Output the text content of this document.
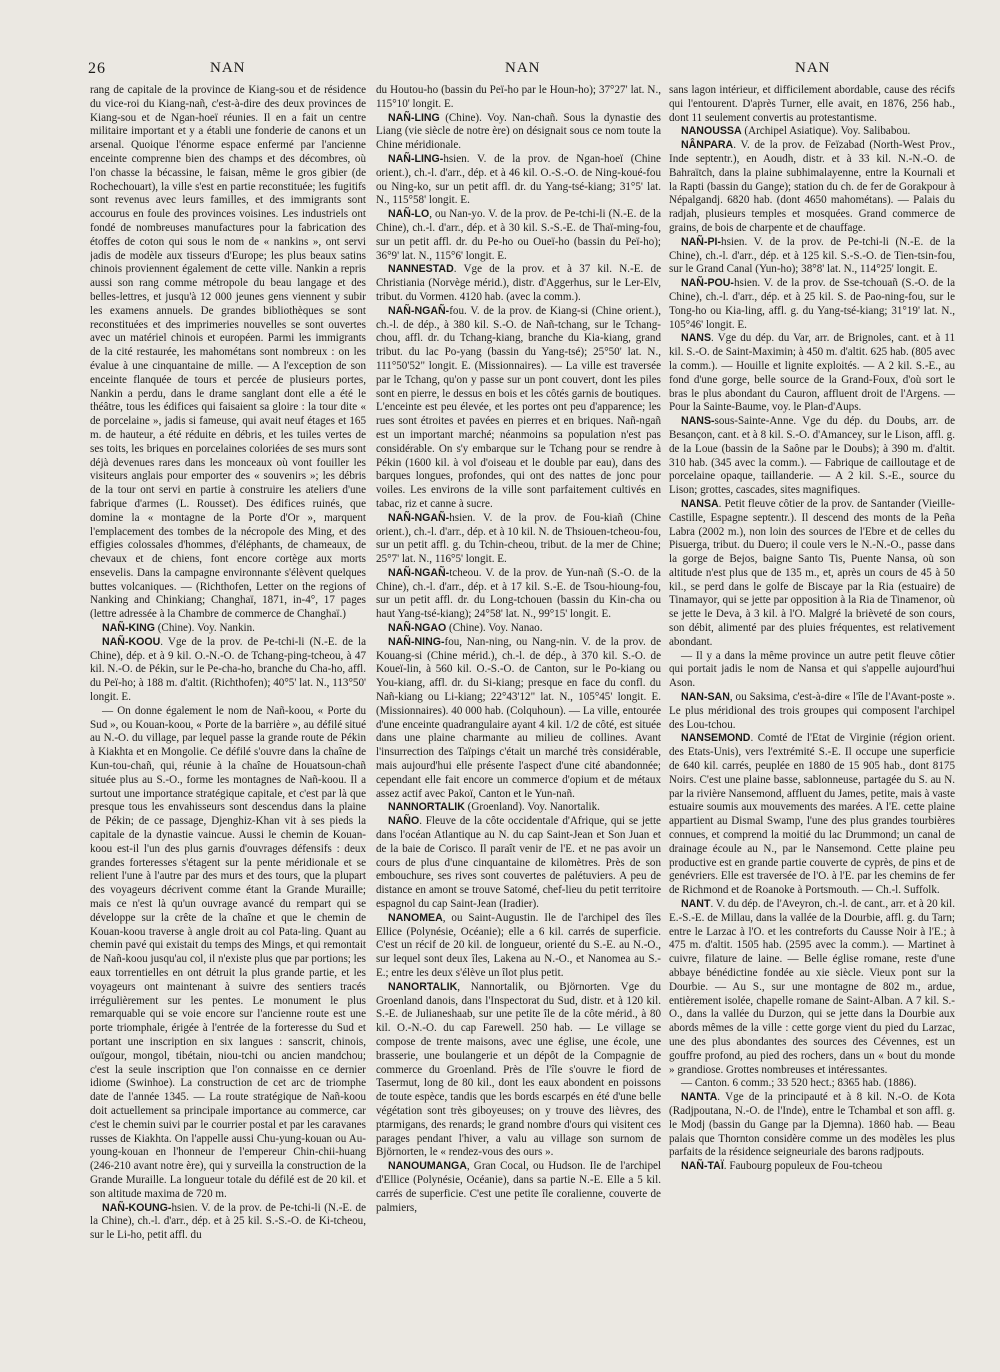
26	NAN	NAN	NAN

rang de capitale de la province de Kiang-sou et de résidence du vice-roi du Kiang-nañ, c'est-à-dire des deux provinces de Kiang-sou et de Ngan-hoeï réunies. Il en a fait un centre militaire important et y a établi une fonderie de canons et un arsenal. Quoique l'énorme espace enfermé par l'ancienne enceinte comprenne bien des champs et des décombres, où l'on chasse la bécassine, le faisan, même le gros gibier (de Rochechouart), la ville s'est en partie reconstituée; les fugitifs sont revenus avec leurs familles, et des immigrants sont accourus en foule des provinces voisines. Les industriels ont fondé de nombreuses manufactures pour la fabrication des étoffes de coton qui sous le nom de « nankins », ont servi jadis de modèle aux tisseurs d'Europe; les plus beaux satins chinois proviennent également de cette ville. Nankin a repris aussi son rang comme métropole du beau langage et des belles-lettres, et jusqu'à 12 000 jeunes gens viennent y subir les examens annuels. De grandes bibliothèques se sont reconstituées et des imprimeries nouvelles se sont ouvertes avec un matériel chinois et européen. Parmi les immigrants de la cité restaurée, les mahométans sont nombreux : on les évalue à une cinquantaine de mille. — A l'exception de son enceinte flanquée de tours et percée de plusieurs portes, Nankin a perdu, dans le drame sanglant dont elle a été le théâtre, tous les édifices qui faisaient sa gloire : la tour dite « de porcelaine », jadis si fameuse, qui avait neuf étages et 165 m. de hauteur, a été réduite en débris, et les tuiles vertes de ses toits, les briques en porcelaines coloriées de ses murs sont déjà devenues rares dans les monceaux où vont fouiller les visiteurs anglais pour emporter des « souvenirs »; les débris de la tour ont servi en partie à construire les ateliers d'une fabrique d'armes (L. Rousset). Des édifices ruinés, que domine la « montagne de la Porte d'Or », marquent l'emplacement des tombes de la nécropole des Ming, et des effigies colossales d'hommes, d'éléphants, de chameaux, de chevaux et de chiens, font encore cortège aux morts ensevelis. Dans la campagne environnante s'élèvent quelques buttes volcaniques. — (Richthofen, Letter on the regions of Nanking and Chinkiang; Changhaï, 1871, in-4°, 17 pages (lettre adressée à la Chambre de commerce de Changhaï.)

NAÑ-KING (Chine). Voy. Nankin.

NAÑ-KOOU. Vge de la prov. de Pe-tchi-li (N.-E. de la Chine), dép. et à 9 kil. O.-N.-O. de Tchang-ping-tcheou, à 47 kil. N.-O. de Pékin, sur le Pe-cha-ho, branche du Cha-ho, affl. du Peï-ho; à 188 m. d'altit. (Richthofen); 40°5' lat. N., 113°50' longit. E.

— On donne également le nom de Nañ-koou, « Porte du Sud », ou Kouan-koou, « Porte de la barrière », au défilé situé au N.-O. du village, par lequel passe la grande route de Pékin à Kiakhta et en Mongolie. Ce défilé s'ouvre dans la chaîne de Kun-tou-chañ, qui, réunie à la chaîne de Houatsoun-chañ située plus au S.-O., forme les montagnes de Nañ-koou. Il a surtout une importance stratégique capitale, et c'est par là que presque tous les envahisseurs sont descendus dans la plaine de Pékin; de ce passage, Djenghiz-Khan vit à ses pieds la capitale de la dynastie vaincue. Aussi le chemin de Kouan-koou est-il l'un des plus garnis d'ouvrages défensifs : deux grandes forteresses s'étagent sur la pente méridionale et se relient l'une à l'autre par des murs et des tours, que la plupart des voyageurs décrivent comme étant la Grande Muraille; mais ce n'est là qu'un ouvrage avancé du rempart qui se développe sur la crête de la chaîne et que le chemin de Kouan-koou traverse à angle droit au col Pata-ling. Quant au chemin pavé qui existait du temps des Mings, et qui remontait de Nañ-koou jusqu'au col, il n'existe plus que par portions; les eaux torrentielles en ont détruit la plus grande partie, et les voyageurs ont maintenant à suivre des sentiers tracés irrégulièrement sur les pentes. Le monument le plus remarquable qui se voie encore sur l'ancienne route est une porte triomphale, érigée à l'entrée de la forteresse du Sud et portant une inscription en six langues : sanscrit, chinois, ouïgour, mongol, tibétain, niou-tchi ou ancien mandchou; c'est la seule inscription que l'on connaisse en ce dernier idiome (Swinhoe). La construction de cet arc de triomphe date de l'année 1345. — La route stratégique de Nañ-koou doit actuellement sa principale importance au commerce, car c'est le chemin suivi par le courrier postal et par les caravanes russes de Kiakhta. On l'appelle aussi Chu-yung-kouan ou Au-young-kouan en l'honneur de l'empereur Chin-chii-huang (246-210 avant notre ère), qui y surveilla la construction de la Grande Muraille. La longueur totale du défilé est de 20 kil. et son altitude maxima de 720 m.

NAÑ-KOUNG-hsien. V. de la prov. de Pe-tchi-li (N.-E. de la Chine), ch.-l. d'arr., dép. et à 25 kil. S.-S.-O. de Ki-tcheou, sur le Li-ho, petit affl. du

du Houtou-ho (bassin du Peï-ho par le Houn-ho); 37°27' lat. N., 115°10' longit. E.

NAÑ-LING (Chine). Voy. Nan-chañ. Sous la dynastie des Liang (vie siècle de notre ère) on désignait sous ce nom toute la Chine méridionale.

NAÑ-LING-hsien. V. de la prov. de Ngan-hoeï (Chine orient.), ch.-l. d'arr., dép. et à 46 kil. O.-S.-O. de Ning-koué-fou ou Ning-ko, sur un petit affl. dr. du Yang-tsé-kiang; 31°5' lat. N., 115°58' longit. E.

NAÑ-LO, ou Nan-yo. V. de la prov. de Pe-tchi-li (N.-E. de la Chine), ch.-l. d'arr., dép. et à 30 kil. S.-S.-E. de Thaï-ming-fou, sur un petit affl. dr. du Pe-ho ou Oueï-ho (bassin du Peï-ho); 36°9' lat. N., 115°6' longit. E.

NANNESTAD. Vge de la prov. et à 37 kil. N.-E. de Christiania (Norvège mérid.), distr. d'Aggerhus, sur le Ler-Elv, tribut. du Vormen. 4120 hab. (avec la comm.).

NAÑ-NGAÑ-fou. V. de la prov. de Kiang-si (Chine orient.), ch.-l. de dép., à 380 kil. S.-O. de Nañ-tchang, sur le Tchang-chou, affl. dr. du Tchang-kiang, branche du Kia-kiang, grand tribut. du lac Po-yang (bassin du Yang-tsé); 25°50' lat. N., 111°50'52" longit. E. (Missionnaires). — La ville est traversée par le Tchang, qu'on y passe sur un pont couvert, dont les piles sont en pierre, le dessus en bois et les côtés garnis de boutiques. L'enceinte est peu élevée, et les portes ont peu d'apparence; les rues sont étroites et pavées en pierres et en briques. Nañ-ngañ est un important marché; néanmoins sa population n'est pas considérable. On s'y embarque sur le Tchang pour se rendre à Pékin (1600 kil. à vol d'oiseau et le double par eau), dans des barques longues, profondes, qui ont des nattes de jonc pour voiles. Les environs de la ville sont parfaitement cultivés en tabac, riz et canne à sucre.

NAÑ-NGAÑ-hsien. V. de la prov. de Fou-kiañ (Chine orient.), ch.-l. d'arr., dép. et à 10 kil. N. de Thsiouen-tcheou-fou, sur un petit affl. g. du Tchin-cheou, tribut. de la mer de Chine; 25°7' lat. N., 116°5' longit. E.

NAÑ-NGAÑ-tcheou. V. de la prov. de Yun-nañ (S.-O. de la Chine), ch.-l. d'arr., dép. et à 17 kil. S.-E. de Tsou-hioung-fou, sur un petit affl. dr. du Long-tchouen (bassin du Kin-cha ou haut Yang-tsé-kiang); 24°58' lat. N., 99°15' longit. E.

NAÑ-NGAO (Chine). Voy. Nanao.

NAÑ-NING-fou, Nan-ning, ou Nang-nin. V. de la prov. de Kouang-si (Chine mérid.), ch.-l. de dép., à 370 kil. S.-O. de Koueï-lin, à 560 kil. O.-S.-O. de Canton, sur le Po-kiang ou You-kiang, affl. dr. du Si-kiang; presque en face du confl. du Nañ-kiang ou Li-kiang; 22°43'12" lat. N., 105°45' longit. E. (Missionnaires). 40 000 hab. (Colquhoun). — La ville, entourée d'une enceinte quadrangulaire ayant 4 kil. 1/2 de côté, est située dans une plaine charmante au milieu de collines. Avant l'insurrection des Taïpings c'était un marché très considérable, mais aujourd'hui elle présente l'aspect d'une cité abandonnée; cependant elle fait encore un commerce d'opium et de métaux assez actif avec Pakoï, Canton et le Yun-nañ.

NANNORTALIK (Groenland). Voy. Nanortalik.

NAÑO. Fleuve de la côte occidentale d'Afrique, qui se jette dans l'océan Atlantique au N. du cap Saint-Jean et Son Juan et de la baie de Corisco. Il paraît venir de l'E. et ne pas avoir un cours de plus d'une cinquantaine de kilomètres. Près de son embouchure, ses rives sont couvertes de palétuviers. A peu de distance en amont se trouve Satomé, chef-lieu du petit territoire espagnol du cap Saint-Jean (Iradier).

NANOMEA, ou Saint-Augustin. Ile de l'archipel des îles Ellice (Polynésie, Océanie); elle a 6 kil. carrés de superficie. C'est un récif de 20 kil. de longueur, orienté du S.-E. au N.-O., sur lequel sont deux îles, Lakena au N.-O., et Nanomea au S.-E.; entre les deux s'élève un îlot plus petit.

NANORTALIK, Nannortalik, ou Björnorten. Vge du Groenland danois, dans l'Inspectorat du Sud, distr. et à 120 kil. S.-E. de Julianeshaab, sur une petite île de la côte mérid., à 80 kil. O.-N.-O. du cap Farewell. 250 hab. — Le village se compose de trente maisons, avec une église, une école, une brasserie, une boulangerie et un dépôt de la Compagnie de commerce du Groenland. Près de l'île s'ouvre le fiord de Tasermut, long de 80 kil., dont les eaux abondent en poissons de toute espèce, tandis que les bords escarpés en été d'une belle végétation sont très giboyeuses; on y trouve des lièvres, des ptarmigans, des renards; le grand nombre d'ours qui visitent ces parages pendant l'hiver, a valu au village son surnom de Björnorten, le « rendez-vous des ours ».

NANOUMANGA, Gran Cocal, ou Hudson. Ile de l'archipel d'Ellice (Polynésie, Océanie), dans sa partie N.-E. Elle a 5 kil. carrés de superficie. C'est une petite île coralienne, couverte de palmiers,

sans lagon intérieur, et difficilement abordable, cause des récifs qui l'entourent. D'après Turner, elle avait, en 1876, 256 hab., dont 11 seulement convertis au protestantisme.

NANOUSSA (Archipel Asiatique). Voy. Salibabou.

NÂNPARA. V. de la prov. de Feïzabad (North-West Prov., Inde septentr.), en Aoudh, distr. et à 33 kil. N.-N.-O. de Bahraïtch, dans la plaine subhimalayenne, entre la Kournali et la Rapti (bassin du Gange); station du ch. de fer de Gorakpour à Népalgandj. 6820 hab. (dont 4650 mahométans). — Palais du radjah, plusieurs temples et mosquées. Grand commerce de grains, de bois de charpente et de chauffage.

NAÑ-PI-hsien. V. de la prov. de Pe-tchi-li (N.-E. de la Chine), ch.-l. d'arr., dép. et à 125 kil. S.-S.-O. de Tien-tsin-fou, sur le Grand Canal (Yun-ho); 38°8' lat. N., 114°25' longit. E.

NAÑ-POU-hsien. V. de la prov. de Sse-tchouañ (S.-O. de la Chine), ch.-l. d'arr., dép. et à 25 kil. S. de Pao-ning-fou, sur le Tong-ho ou Kia-ling, affl. g. du Yang-tsé-kiang; 31°19' lat. N., 105°46' longit. E.

NANS. Vge du dép. du Var, arr. de Brignoles, cant. et à 11 kil. S.-O. de Saint-Maximin; à 450 m. d'altit. 625 hab. (805 avec la comm.). — Houille et lignite exploités. — A 2 kil. S.-E., au fond d'une gorge, belle source de la Grand-Foux, d'où sort le bras le plus abondant du Cauron, affluent droit de l'Argens. — Pour la Sainte-Baume, voy. le Plan-d'Aups.

NANS-sous-Sainte-Anne. Vge du dép. du Doubs, arr. de Besançon, cant. et à 8 kil. S.-O. d'Amancey, sur le Lison, affl. g. de la Loue (bassin de la Saône par le Doubs); à 390 m. d'altit. 310 hab. (345 avec la comm.). — Fabrique de cailloutage et de porcelaine opaque, taillanderie. — A 2 kil. S.-E., source du Lison; grottes, cascades, sites magnifiques.

NANSA. Petit fleuve côtier de la prov. de Santander (Vieille-Castille, Espagne septentr.). Il descend des monts de la Peña Labra (2002 m.), non loin des sources de l'Ebre et de celles du Pisuerga, tribut. du Duero; il coule vers le N.-N.-O., passe dans la gorge de Bejos, baigne Santo Tis, Puente Nansa, où son altitude n'est plus que de 135 m., et, après un cours de 45 à 50 kil., se perd dans le golfe de Biscaye par la Ria (estuaire) de Tinamayor, qui se jette par opposition à la Ria de Tinamenor, où se jette le Deva, à 3 kil. à l'O. Malgré la brièveté de son cours, son débit, alimenté par des pluies fréquentes, est relativement abondant.

— Il y a dans la même province un autre petit fleuve côtier qui portait jadis le nom de Nansa et qui s'appelle aujourd'hui Ason.

NAN-SAN, ou Saksima, c'est-à-dire « l'île de l'Avant-poste ». Le plus méridional des trois groupes qui composent l'archipel des Lou-tchou.

NANSEMOND. Comté de l'Etat de Virginie (région orient. des Etats-Unis), vers l'extrémité S.-E. Il occupe une superficie de 640 kil. carrés, peuplée en 1880 de 15 905 hab., dont 8175 Noirs. C'est une plaine basse, sablonneuse, partagée du S. au N. par la rivière Nansemond, affluent du James, petite, mais à vaste estuaire soumis aux mouvements des marées. A l'E. cette plaine appartient au Dismal Swamp, l'une des plus grandes tourbières connues, et comprend la moitié du lac Drummond; un canal de drainage écoule au N., par le Nansemond. Cette plaine peu productive est en grande partie couverte de cyprès, de pins et de genévriers. Elle est traversée de l'O. à l'E. par les chemins de fer de Richmond et de Roanoke à Portsmouth. — Ch.-l. Suffolk.

NANT. V. du dép. de l'Aveyron, ch.-l. de cant., arr. et à 20 kil. E.-S.-E. de Millau, dans la vallée de la Dourbie, affl. g. du Tarn; entre le Larzac à l'O. et les contreforts du Causse Noir à l'E.; à 475 m. d'altit. 1505 hab. (2595 avec la comm.). — Martinet à cuivre, filature de laine. — Belle église romane, reste d'une abbaye bénédictine fondée au xie siècle. Vieux pont sur la Dourbie. — Au S., sur une montagne de 802 m., ardue, entièrement isolée, chapelle romane de Saint-Alban. A 7 kil. S.-O., dans la vallée du Durzon, qui se jette dans la Dourbie aux abords mêmes de la ville : cette gorge vient du pied du Larzac, une des plus abondantes des sources des Cévennes, est un gouffre profond, au pied des rochers, dans un « bout du monde » grandiose. Grottes nombreuses et intéressantes.

— Canton. 6 comm.; 33 520 hect.; 8365 hab. (1886).

NANTA. Vge de la principauté et à 8 kil. N.-O. de Kota (Radjpoutana, N.-O. de l'Inde), entre le Tchambal et son affl. g. le Modj (bassin du Gange par la Djemna). 1860 hab. — Beau palais que Thornton considère comme un des modèles les plus parfaits de la résidence seigneuriale des barons radjpouts.

NAÑ-TAÏ. Faubourg populeux de Fou-tcheou
